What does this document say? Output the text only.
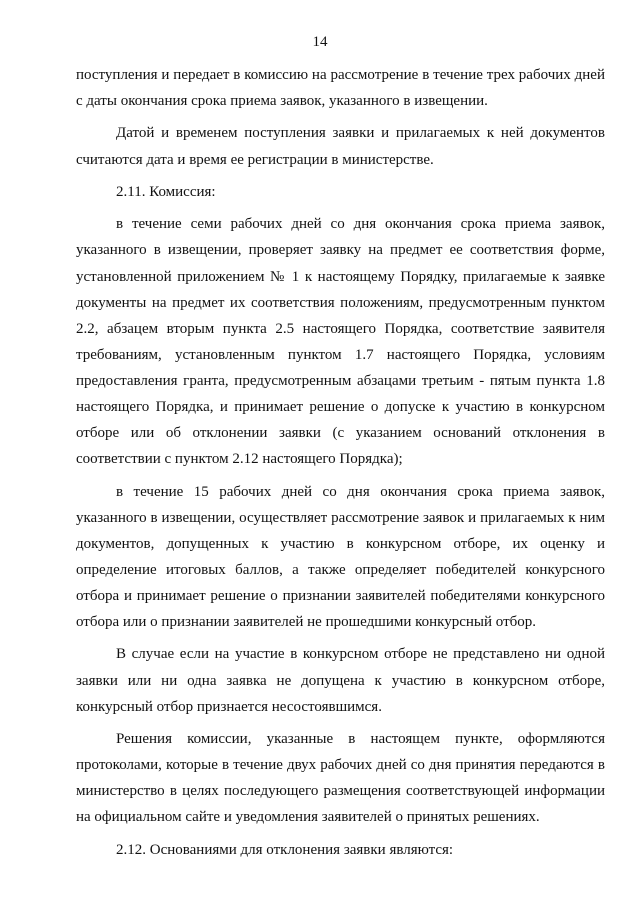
14

поступления и передает в комиссию на рассмотрение в течение трех рабочих дней с даты окончания срока приема заявок, указанного в извещении.

Датой и временем поступления заявки и прилагаемых к ней документов считаются дата и время ее регистрации в министерстве.

2.11. Комиссия:

в течение семи рабочих дней со дня окончания срока приема заявок, указанного в извещении, проверяет заявку на предмет ее соответствия форме, установленной приложением № 1 к настоящему Порядку, прилагаемые к заявке документы на предмет их соответствия положениям, предусмотренным пунктом 2.2, абзацем вторым пункта 2.5 настоящего Порядка, соответствие заявителя требованиям, установленным пунктом 1.7 настоящего Порядка, условиям предоставления гранта, предусмотренным абзацами третьим - пятым пункта 1.8 настоящего Порядка, и принимает решение о допуске к участию в конкурсном отборе или об отклонении заявки (с указанием оснований отклонения в соответствии с пунктом 2.12 настоящего Порядка);

в течение 15 рабочих дней со дня окончания срока приема заявок, указанного в извещении, осуществляет рассмотрение заявок и прилагаемых к ним документов, допущенных к участию в конкурсном отборе, их оценку и определение итоговых баллов, а также определяет победителей конкурсного отбора и принимает решение о признании заявителей победителями конкурсного отбора или о признании заявителей не прошедшими конкурсный отбор.

В случае если на участие в конкурсном отборе не представлено ни одной заявки или ни одна заявка не допущена к участию в конкурсном отборе, конкурсный отбор признается несостоявшимся.

Решения комиссии, указанные в настоящем пункте, оформляются протоколами, которые в течение двух рабочих дней со дня принятия передаются в министерство в целях последующего размещения соответствующей информации на официальном сайте и уведомления заявителей о принятых решениях.

2.12. Основаниями для отклонения заявки являются:
